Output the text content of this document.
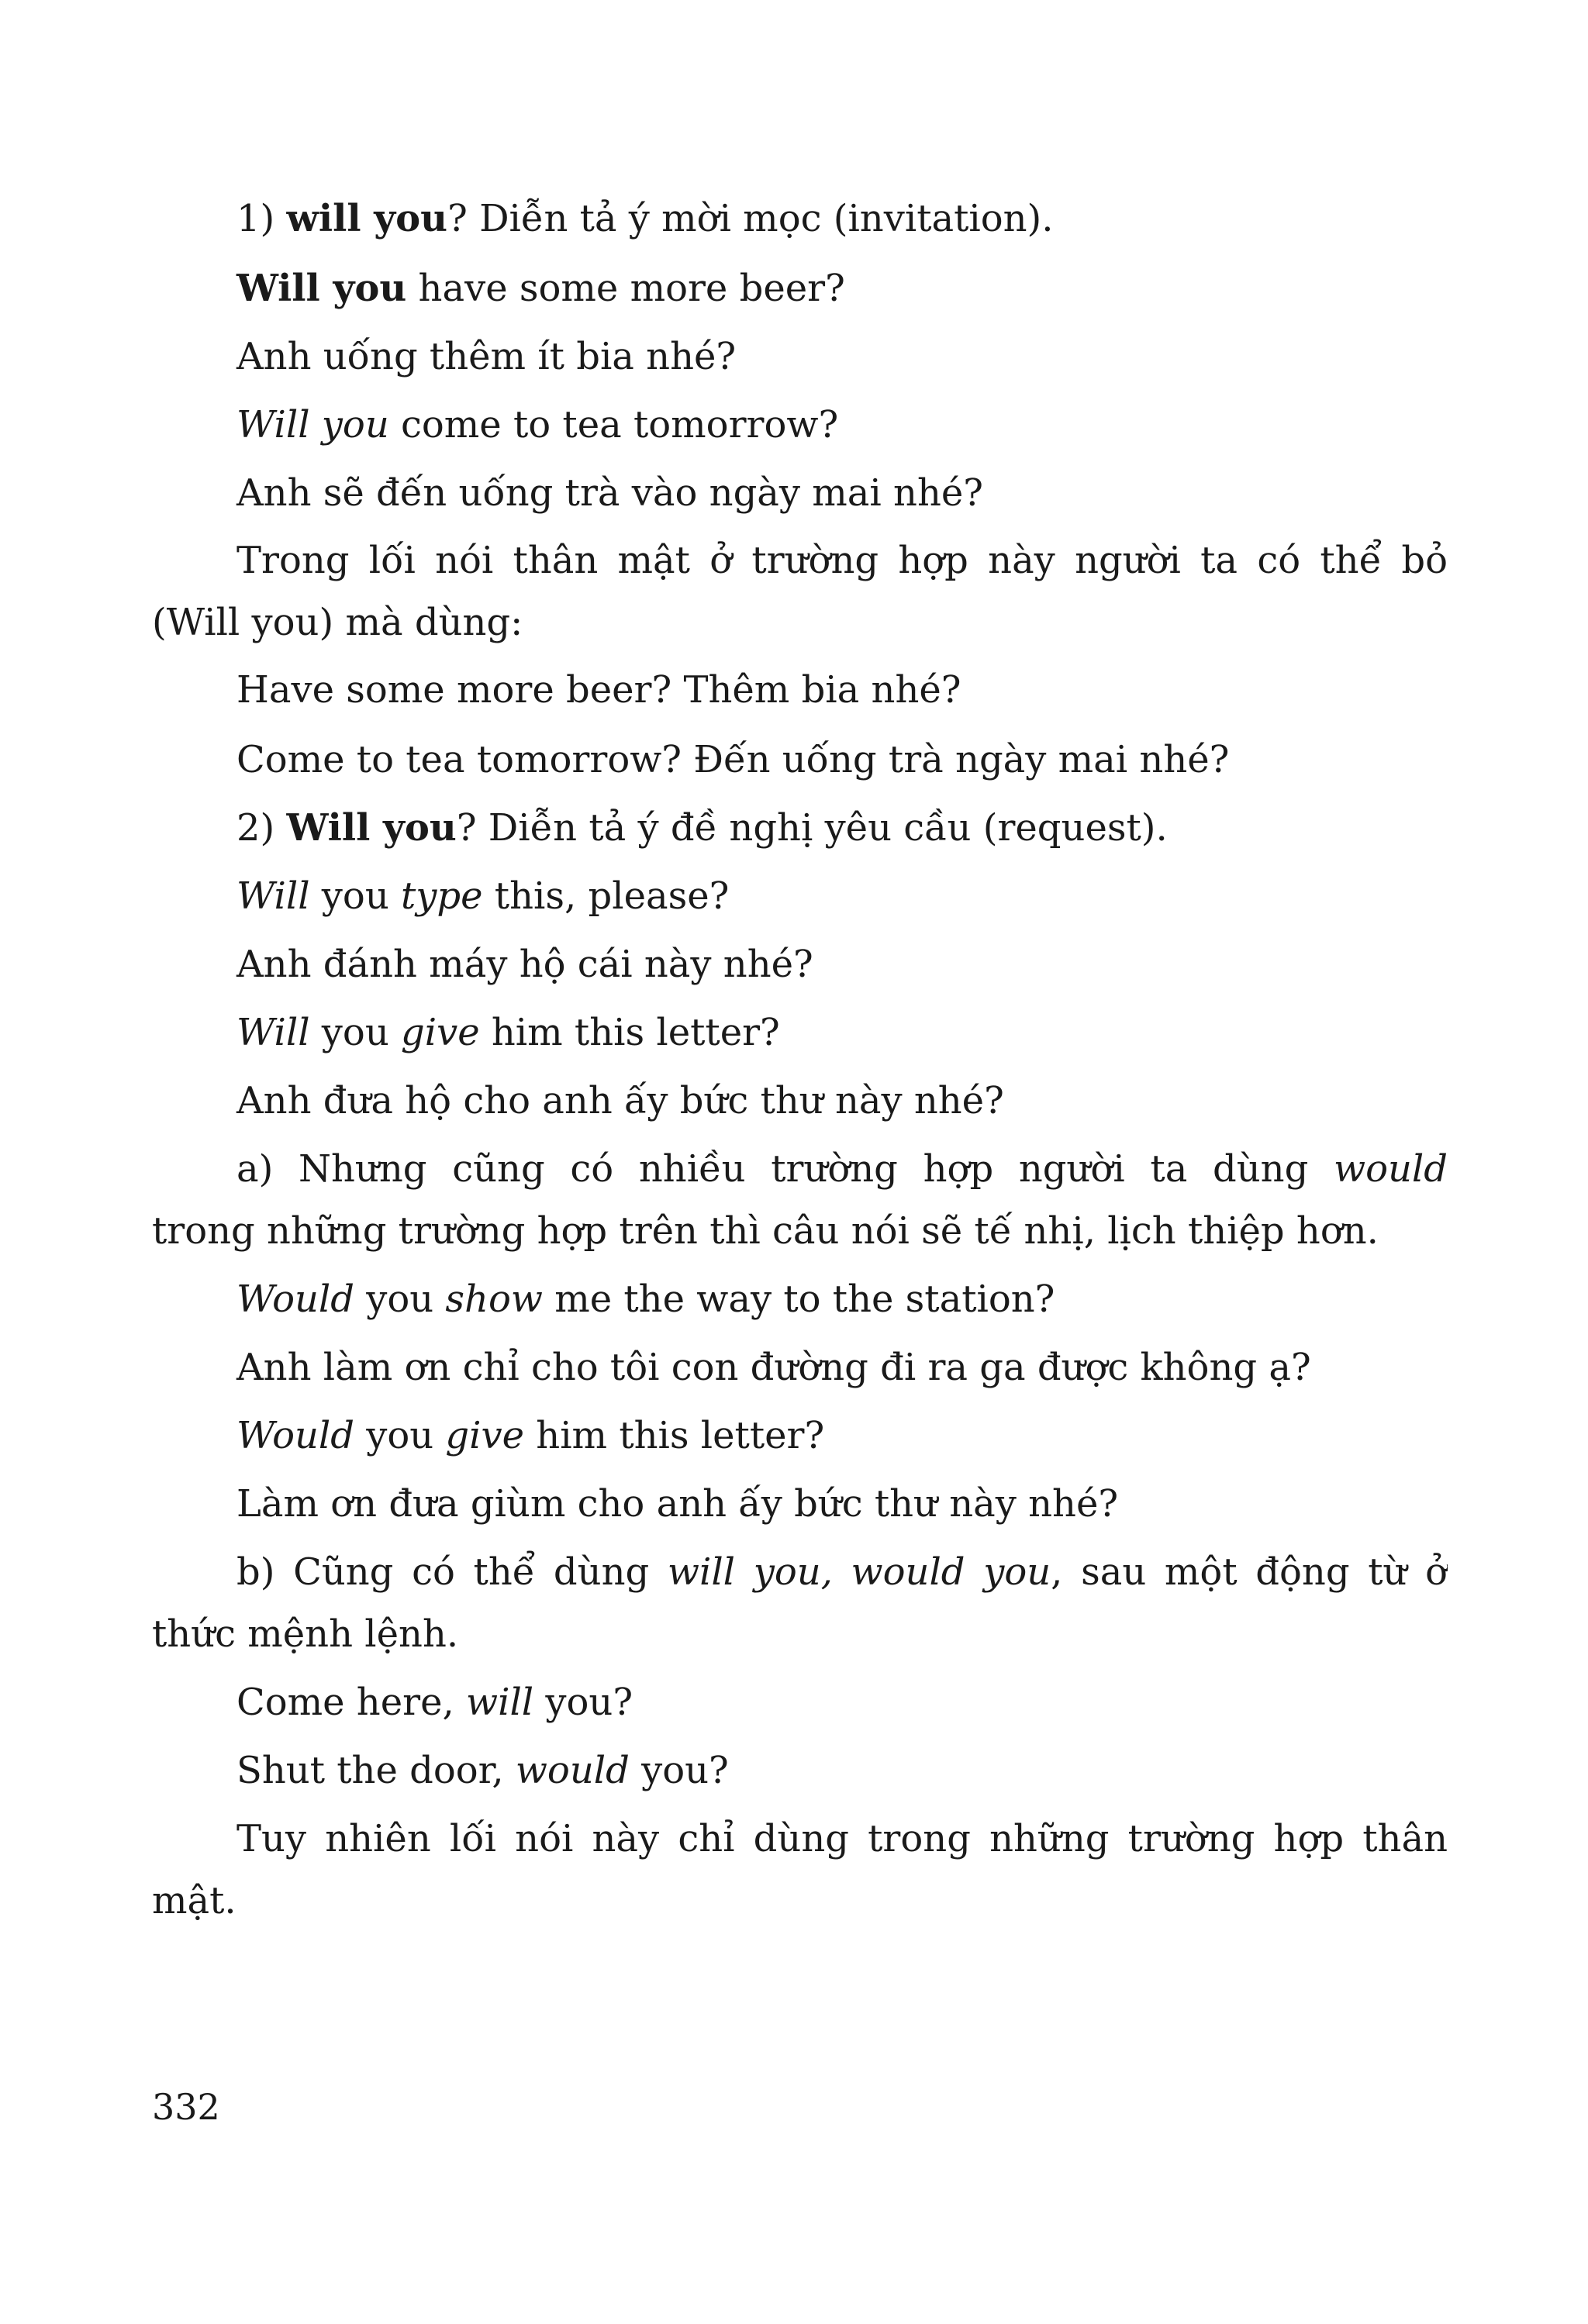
1) will you? Diễn tả ý mời mọc (invitation).
Will you have some more beer?
Anh uống thêm ít bia nhé?
Will you come to tea tomorrow?
Anh sẽ đến uống trà vào ngày mai nhé?
Trong lối nói thân mật ở trường hợp này người ta có thể bỏ
(Will you) mà dùng:
Have some more beer? Thêm bia nhé?
Come to tea tomorrow? Đến uống trà ngày mai nhé?
2) Will you? Diễn tả ý đề nghị yêu cầu (request).
Will you type this, please?
Anh đánh máy hộ cái này nhé?
Will you give him this letter?
Anh đưa hộ cho anh ấy bức thư này nhé?
a) Nhưng cũng có nhiều trường hợp người ta dùng would
trong những trường hợp trên thì câu nói sẽ tế nhị, lịch thiệp hơn.
Would you show me the way to the station?
Anh làm ơn chỉ cho tôi con đường đi ra ga được không ạ?
Would you give him this letter?
Làm ơn đưa giùm cho anh ấy bức thư này nhé?
b) Cũng có thể dùng will you, would you, sau một động từ ở
thức mệnh lệnh.
Come here, will you?
Shut the door, would you?
Tuy nhiên lối nói này chỉ dùng trong những trường hợp thân
mật.
332
